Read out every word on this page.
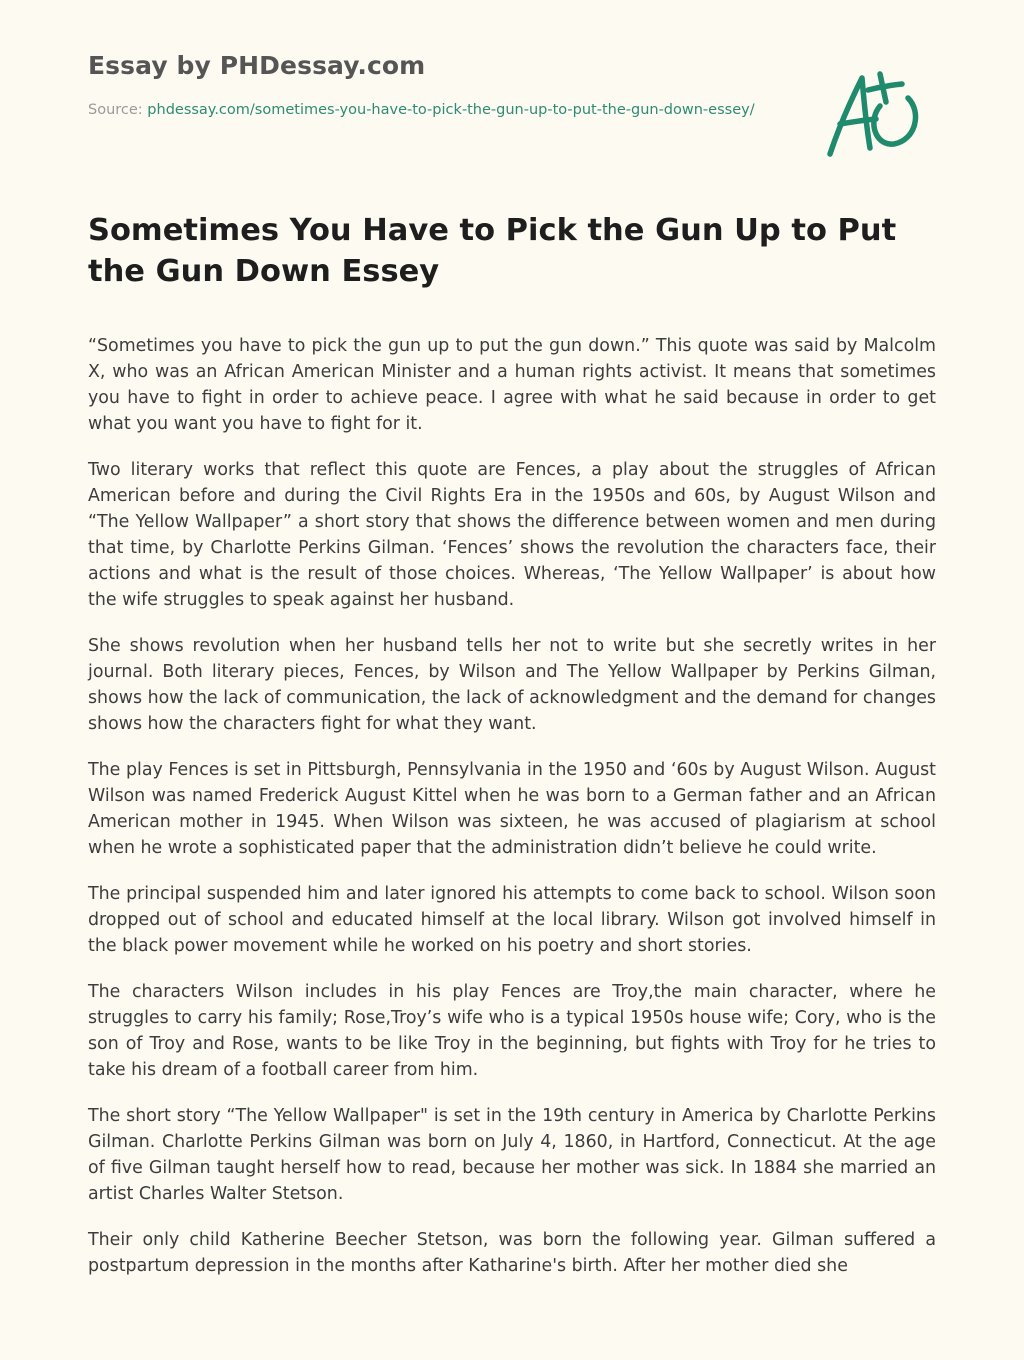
Essay by PHDessay.com
Source: phdessay.com/sometimes-you-have-to-pick-the-gun-up-to-put-the-gun-down-essey/
Sometimes You Have to Pick the Gun Up to Put the Gun Down Essey

“Sometimes you have to pick the gun up to put the gun down.” This quote was said by Malcolm X, who was an African American Minister and a human rights activist. It means that sometimes you have to fight in order to achieve peace. I agree with what he said because in order to get what you want you have to fight for it.

Two literary works that reflect this quote are Fences, a play about the struggles of African American before and during the Civil Rights Era in the 1950s and 60s, by August Wilson and “The Yellow Wallpaper” a short story that shows the difference between women and men during that time, by Charlotte Perkins Gilman. ‘Fences’ shows the revolution the characters face, their actions and what is the result of those choices. Whereas, ‘The Yellow Wallpaper’ is about how the wife struggles to speak against her husband.

She shows revolution when her husband tells her not to write but she secretly writes in her journal. Both literary pieces, Fences, by Wilson and The Yellow Wallpaper by Perkins Gilman, shows how the lack of communication, the lack of acknowledgment and the demand for changes shows how the characters fight for what they want.

The play Fences is set in Pittsburgh, Pennsylvania in the 1950 and ‘60s by August Wilson. August Wilson was named Frederick August Kittel when he was born to a German father and an African American mother in 1945. When Wilson was sixteen, he was accused of plagiarism at school when he wrote a sophisticated paper that the administration didn’t believe he could write.

The principal suspended him and later ignored his attempts to come back to school. Wilson soon dropped out of school and educated himself at the local library. Wilson got involved himself in the black power movement while he worked on his poetry and short stories.

The characters Wilson includes in his play Fences are Troy,the main character, where he struggles to carry his family; Rose,Troy’s wife who is a typical 1950s house wife; Cory, who is the son of Troy and Rose, wants to be like Troy in the beginning, but fights with Troy for he tries to take his dream of a football career from him.

The short story “The Yellow Wallpaper" is set in the 19th century in America by Charlotte Perkins Gilman. Charlotte Perkins Gilman was born on July 4, 1860, in Hartford, Connecticut. At the age of five Gilman taught herself how to read, because her mother was sick. In 1884 she married an artist Charles Walter Stetson.

Their only child Katherine Beecher Stetson, was born the following year. Gilman suffered a postpartum depression in the months after Katharine's birth. After her mother died she
